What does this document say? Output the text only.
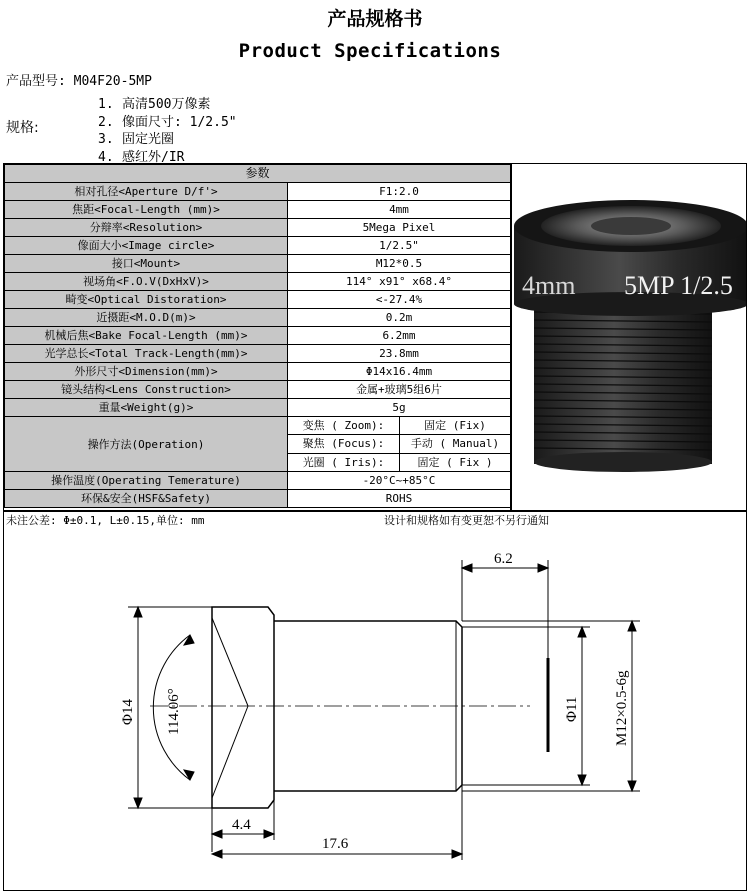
产品规格书
Product Specifications
产品型号: M04F20-5MP
规格:
1. 高清500万像素
2. 像面尺寸: 1/2.5"
3. 固定光圈
4. 感红外/IR
参数		
相对孔径<Aperture D/f'>	F1:2.0	
焦距<Focal-Length (mm)>	4mm	
分辩率<Resolution>	5Mega Pixel	
像面大小<Image circle>	1/2.5"	
接口<Mount>	M12*0.5	
视场角<F.O.V(DxHxV)>	114° x91° x68.4°	
畸变<Optical Distoration>	<-27.4%	
近摄距<M.O.D(m)>	0.2m	
机械后焦<Bake Focal-Length (mm)>	6.2mm	
光学总长<Total Track-Length(mm)>	23.8mm	
外形尺寸<Dimension(mm)>	Φ14x16.4mm	
镜头结构<Lens Construction>	金属+玻璃5组6片	
重量<Weight(g)>	5g	
操作方法(Operation)	变焦 ( Zoom):	固定 (Fix)
	聚焦 (Focus):	手动 ( Manual)
	光圈 ( Iris):	固定 ( Fix )
操作温度(Operating Temerature)	-20°C~+85°C	
环保&安全(HSF&Safety)	ROHS	
4mm 5MP 1/2.5
未注公差: Φ±0.1, L±0.15,单位: mm	设计和规格如有变更恕不另行通知
6.2
Φ14 114.06°	Φ11 M12×0.5-6g
4.4
17.6
